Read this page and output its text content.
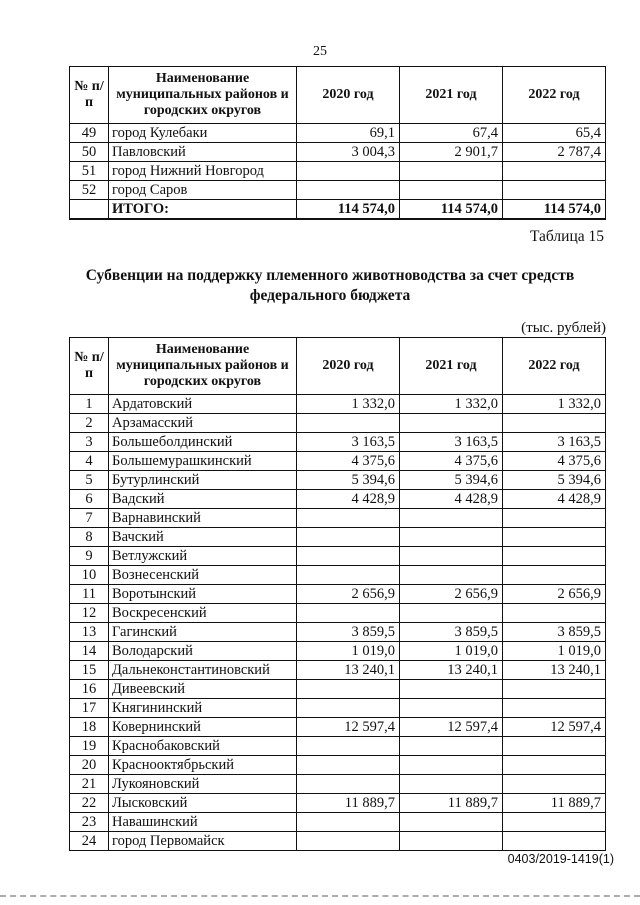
25
№ п/п	Наименование муниципальных районов и городских округов	2020 год	2021 год	2022 год
49	город Кулебаки	69,1	67,4	65,4
50	Павловский	3 004,3	2 901,7	2 787,4
51	город Нижний Новгород			
52	город Саров			
	ИТОГО:	114 574,0	114 574,0	114 574,0
Таблица 15
Субвенции на поддержку племенного животноводства за счет средств федерального бюджета
(тыс. рублей)
№ п/п	Наименование муниципальных районов и городских округов	2020 год	2021 год	2022 год
1	Ардатовский	1 332,0	1 332,0	1 332,0
2	Арзамасский			
3	Большеболдинский	3 163,5	3 163,5	3 163,5
4	Большемурашкинский	4 375,6	4 375,6	4 375,6
5	Бутурлинский	5 394,6	5 394,6	5 394,6
6	Вадский	4 428,9	4 428,9	4 428,9
7	Варнавинский			
8	Вачский			
9	Ветлужский			
10	Вознесенский			
11	Воротынский	2 656,9	2 656,9	2 656,9
12	Воскресенский			
13	Гагинский	3 859,5	3 859,5	3 859,5
14	Володарский	1 019,0	1 019,0	1 019,0
15	Дальнеконстантиновский	13 240,1	13 240,1	13 240,1
16	Дивеевский			
17	Княгининский			
18	Ковернинский	12 597,4	12 597,4	12 597,4
19	Краснобаковский			
20	Краснооктябрьский			
21	Лукояновский			
22	Лысковский	11 889,7	11 889,7	11 889,7
23	Навашинский			
24	город Первомайск			
0403/2019-1419(1)
